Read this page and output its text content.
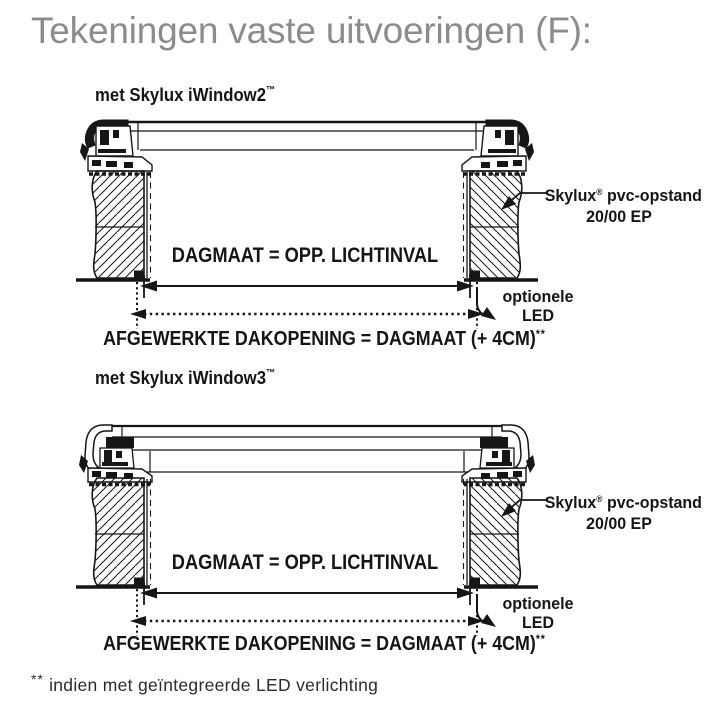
Tekeningen vaste uitvoeringen (F):
met Skylux iWindow2™
Skylux® pvc-opstand
20/00 EP
DAGMAAT = OPP. LICHTINVAL
AFGEWERKTE DAKOPENING = DAGMAAT (+ 4CM)**
optionele
LED
met Skylux iWindow3™
Skylux® pvc-opstand
20/00 EP
DAGMAAT = OPP. LICHTINVAL
AFGEWERKTE DAKOPENING = DAGMAAT (+ 4CM)**
optionele
LED
** indien met geïntegreerde LED verlichting
